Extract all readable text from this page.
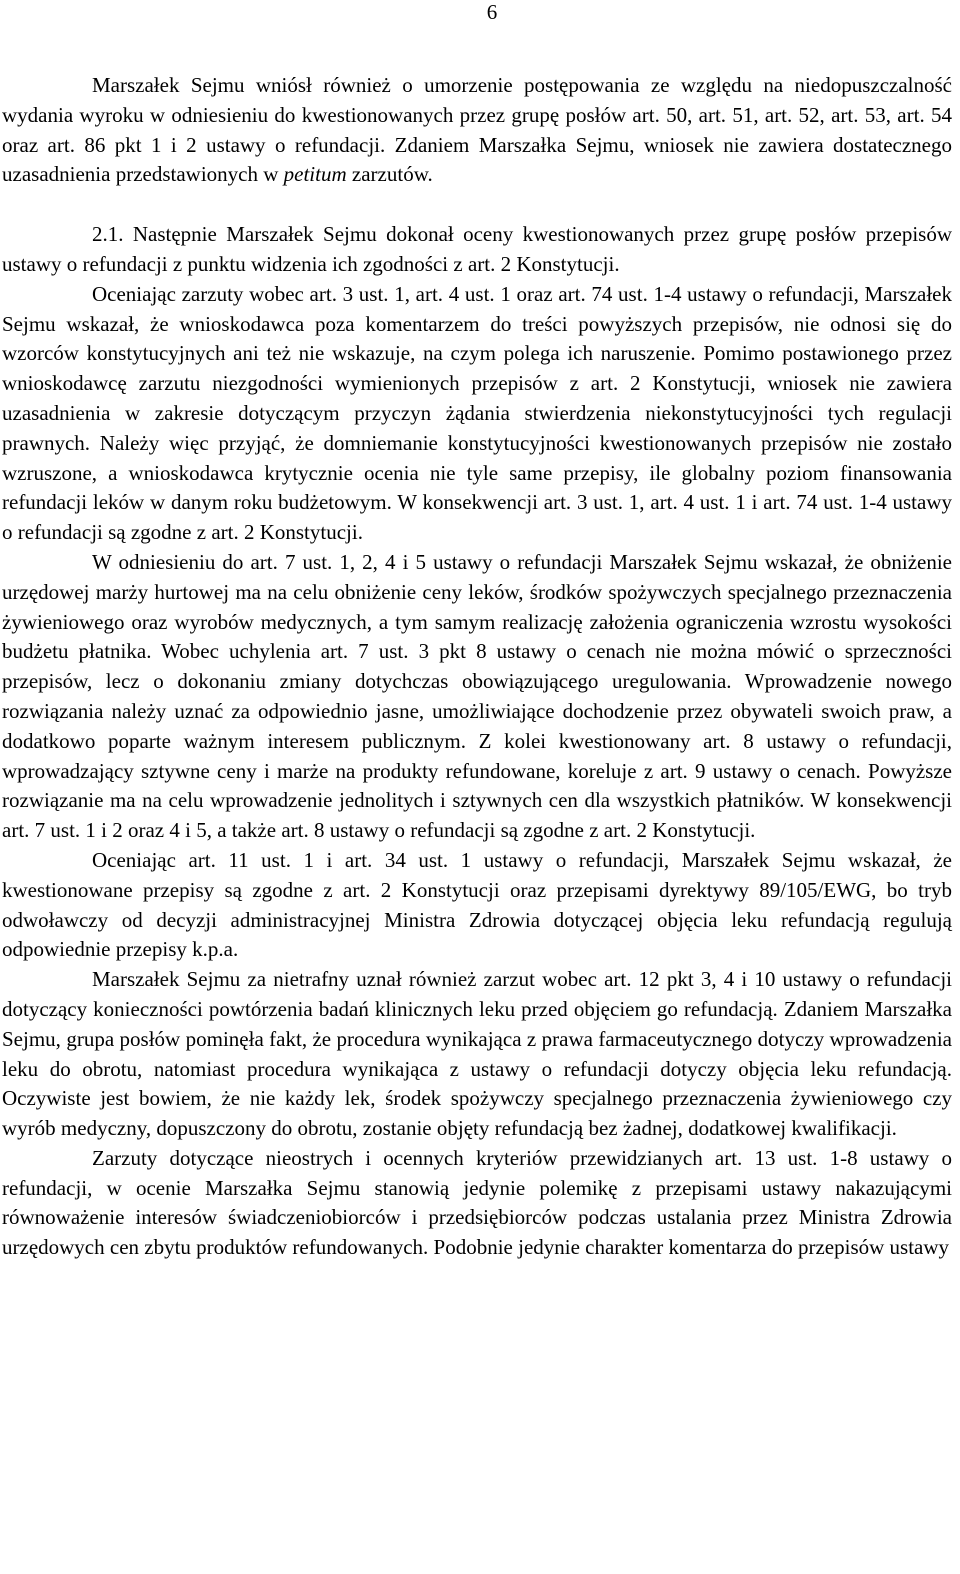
6

Marszałek Sejmu wniósł również o umorzenie postępowania ze względu na niedopuszczalność wydania wyroku w odniesieniu do kwestionowanych przez grupę posłów art. 50, art. 51, art. 52, art. 53, art. 54 oraz art. 86 pkt 1 i 2 ustawy o refundacji. Zdaniem Marszałka Sejmu, wniosek nie zawiera dostatecznego uzasadnienia przedstawionych w petitum zarzutów.

2.1. Następnie Marszałek Sejmu dokonał oceny kwestionowanych przez grupę posłów przepisów ustawy o refundacji z punktu widzenia ich zgodności z art. 2 Konstytucji.

Oceniając zarzuty wobec art. 3 ust. 1, art. 4 ust. 1 oraz art. 74 ust. 1-4 ustawy o refundacji, Marszałek Sejmu wskazał, że wnioskodawca poza komentarzem do treści powyższych przepisów, nie odnosi się do wzorców konstytucyjnych ani też nie wskazuje, na czym polega ich naruszenie. Pomimo postawionego przez wnioskodawcę zarzutu niezgodności wymienionych przepisów z art. 2 Konstytucji, wniosek nie zawiera uzasadnienia w zakresie dotyczącym przyczyn żądania stwierdzenia niekonstytucyjności tych regulacji prawnych. Należy więc przyjąć, że domniemanie konstytucyjności kwestionowanych przepisów nie zostało wzruszone, a wnioskodawca krytycznie ocenia nie tyle same przepisy, ile globalny poziom finansowania refundacji leków w danym roku budżetowym. W konsekwencji art. 3 ust. 1, art. 4 ust. 1 i art. 74 ust. 1-4 ustawy o refundacji są zgodne z art. 2 Konstytucji.

W odniesieniu do art. 7 ust. 1, 2, 4 i 5 ustawy o refundacji Marszałek Sejmu wskazał, że obniżenie urzędowej marży hurtowej ma na celu obniżenie ceny leków, środków spożywczych specjalnego przeznaczenia żywieniowego oraz wyrobów medycznych, a tym samym realizację założenia ograniczenia wzrostu wysokości budżetu płatnika. Wobec uchylenia art. 7 ust. 3 pkt 8 ustawy o cenach nie można mówić o sprzeczności przepisów, lecz o dokonaniu zmiany dotychczas obowiązującego uregulowania. Wprowadzenie nowego rozwiązania należy uznać za odpowiednio jasne, umożliwiające dochodzenie przez obywateli swoich praw, a dodatkowo poparte ważnym interesem publicznym. Z kolei kwestionowany art. 8 ustawy o refundacji, wprowadzający sztywne ceny i marże na produkty refundowane, koreluje z art. 9 ustawy o cenach. Powyższe rozwiązanie ma na celu wprowadzenie jednolitych i sztywnych cen dla wszystkich płatników. W konsekwencji art. 7 ust. 1 i 2 oraz 4 i 5, a także art. 8 ustawy o refundacji są zgodne z art. 2 Konstytucji.

Oceniając art. 11 ust. 1 i art. 34 ust. 1 ustawy o refundacji, Marszałek Sejmu wskazał, że kwestionowane przepisy są zgodne z art. 2 Konstytucji oraz przepisami dyrektywy 89/105/EWG, bo tryb odwoławczy od decyzji administracyjnej Ministra Zdrowia dotyczącej objęcia leku refundacją regulują odpowiednie przepisy k.p.a.

Marszałek Sejmu za nietrafny uznał również zarzut wobec art. 12 pkt 3, 4 i 10 ustawy o refundacji dotyczący konieczności powtórzenia badań klinicznych leku przed objęciem go refundacją. Zdaniem Marszałka Sejmu, grupa posłów pominęła fakt, że procedura wynikająca z prawa farmaceutycznego dotyczy wprowadzenia leku do obrotu, natomiast procedura wynikająca z ustawy o refundacji dotyczy objęcia leku refundacją. Oczywiste jest bowiem, że nie każdy lek, środek spożywczy specjalnego przeznaczenia żywieniowego czy wyrób medyczny, dopuszczony do obrotu, zostanie objęty refundacją bez żadnej, dodatkowej kwalifikacji.

Zarzuty dotyczące nieostrych i ocennych kryteriów przewidzianych art. 13 ust. 1-8 ustawy o refundacji, w ocenie Marszałka Sejmu stanowią jedynie polemikę z przepisami ustawy nakazującymi równoważenie interesów świadczeniobiorców i przedsiębiorców podczas ustalania przez Ministra Zdrowia urzędowych cen zbytu produktów refundowanych. Podobnie jedynie charakter komentarza do przepisów ustawy
